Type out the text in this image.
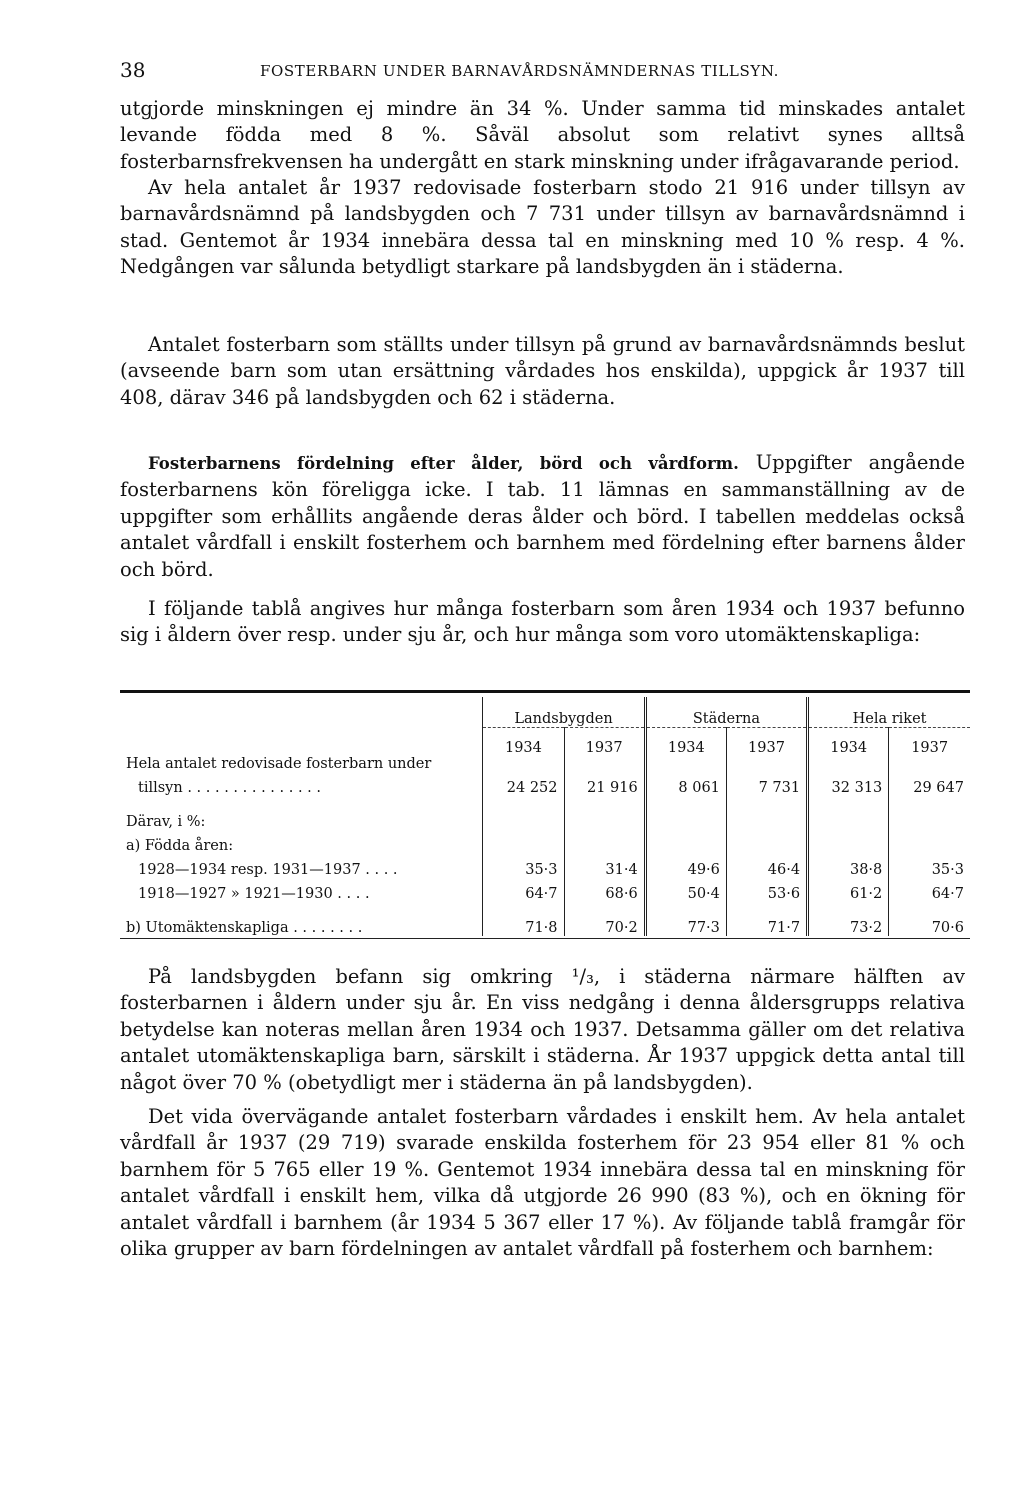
38	FOSTERBARN UNDER BARNAVÅRDSNÄMNDERNAS TILLSYN.

utgjorde minskningen ej mindre än 34 %. Under samma tid minskades antalet levande födda med 8 %. Såväl absolut som relativt synes alltså fosterbarnsfrekvensen ha undergått en stark minskning under ifrågavarande period.

Av hela antalet år 1937 redovisade fosterbarn stodo 21 916 under tillsyn av barnavårdsnämnd på landsbygden och 7 731 under tillsyn av barnavårdsnämnd i stad. Gentemot år 1934 innebära dessa tal en minskning med 10 % resp. 4 %. Nedgången var sålunda betydligt starkare på landsbygden än i städerna.

Antalet fosterbarn som ställts under tillsyn på grund av barnavårdsnämnds beslut (avseende barn som utan ersättning vårdades hos enskilda), uppgick år 1937 till 408, därav 346 på landsbygden och 62 i städerna.

Fosterbarnens fördelning efter ålder, börd och vårdform. Uppgifter angående fosterbarnens kön föreligga icke. I tab. 11 lämnas en sammanställning av de uppgifter som erhållits angående deras ålder och börd. I tabellen meddelas också antalet vårdfall i enskilt fosterhem och barnhem med fördelning efter barnens ålder och börd.

I följande tablå angives hur många fosterbarn som åren 1934 och 1937 befunno sig i åldern över resp. under sju år, och hur många som voro utomäktenskapliga:

	Landsbygden		Städerna		Hela riket	
	1934	1937	1934	1937	1934	1937
Hela antalet redovisade fosterbarn under						
tillsyn . . . . . . . . . . . . . . .	24 252	21 916	8 061	7 731	32 313	29 647

Därav, i %:						
a) Födda åren:						
1928—1934 resp. 1931—1937 . . . .	35·3	31·4	49·6	46·4	38·8	35·3
1918—1927 » 1921—1930 . . . .	64·7	68·6	50·4	53·6	61·2	64·7

b) Utomäktenskapliga . . . . . . . .	71·8	70·2	77·3	71·7	73·2	70·6

På landsbygden befann sig omkring ¹/₃, i städerna närmare hälften av fosterbarnen i åldern under sju år. En viss nedgång i denna åldersgrupps relativa betydelse kan noteras mellan åren 1934 och 1937. Detsamma gäller om det relativa antalet utomäktenskapliga barn, särskilt i städerna. År 1937 uppgick detta antal till något över 70 % (obetydligt mer i städerna än på landsbygden).

Det vida övervägande antalet fosterbarn vårdades i enskilt hem. Av hela antalet vårdfall år 1937 (29 719) svarade enskilda fosterhem för 23 954 eller 81 % och barnhem för 5 765 eller 19 %. Gentemot 1934 innebära dessa tal en minskning för antalet vårdfall i enskilt hem, vilka då utgjorde 26 990 (83 %), och en ökning för antalet vårdfall i barnhem (år 1934 5 367 eller 17 %). Av följande tablå framgår för olika grupper av barn fördelningen av antalet vårdfall på fosterhem och barnhem:
